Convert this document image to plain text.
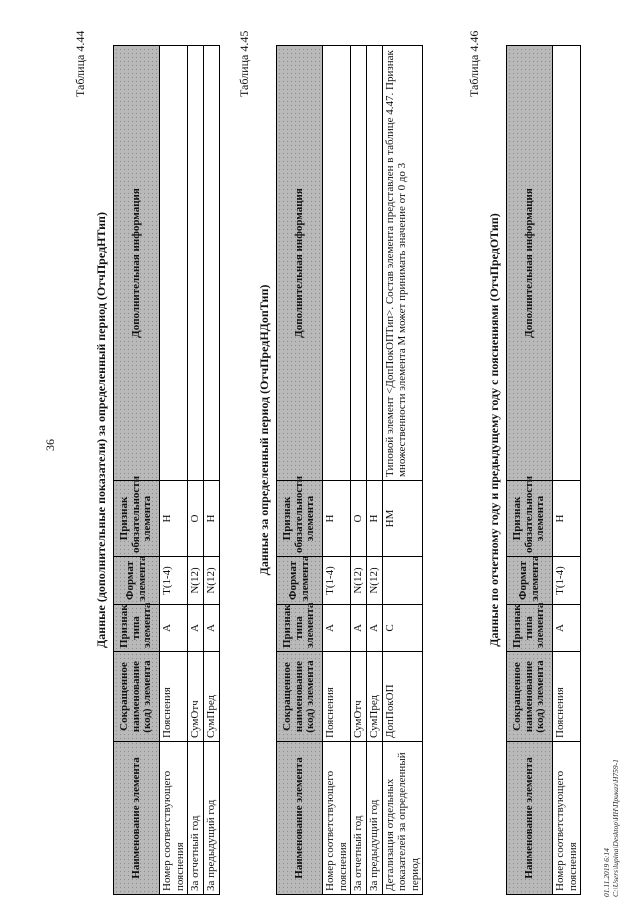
36
Таблица 4.44
Данные (дополнительные показатели) за определенный период (ОтчПредНТип)
Наименование элемента	Сокращенное наименование (код) элемента	Признак типа элемента	Формат элемента	Признак обязательности элемента	Дополнительная информация
Номер соответствующего пояснения	Пояснения	А	T(1-4)	Н	
За отчетный год	СумОтч	А	N(12)	О	
За предыдущий год	СумПред	А	N(12)	Н	
Таблица 4.45
Данные за определенный период (ОтчПредНДопТип)
Наименование элемента	Сокращенное наименование (код) элемента	Признак типа элемента	Формат элемента	Признак обязательности элемента	Дополнительная информация
Номер соответствующего пояснения	Пояснения	А	T(1-4)	Н	
За отчетный год	СумОтч	А	N(12)	О	
За предыдущий год	СумПред	А	N(12)	Н	
Детализация отдельных показателей за определенный период	ДопПокОП	С		НМ	Типовой элемент <ДопПокОПТип>. Состав элемента представлен в таблице 4.47. Признак множественности элемента М может принимать значение от 0 до 3
Таблица 4.46
Данные по отчетному году и предыдущему году с пояснениями (ОтчПредОТип)
Наименование элемента	Сокращенное наименование (код) элемента	Признак типа элемента	Формат элемента	Признак обязательности элемента	Дополнительная информация
Номер соответствующего пояснения	Пояснения	А	T(1-4)	Н	
01.11.2019 6:14 C:\Users\lupina\Desktop\ИН\Приказ\Н759-1
